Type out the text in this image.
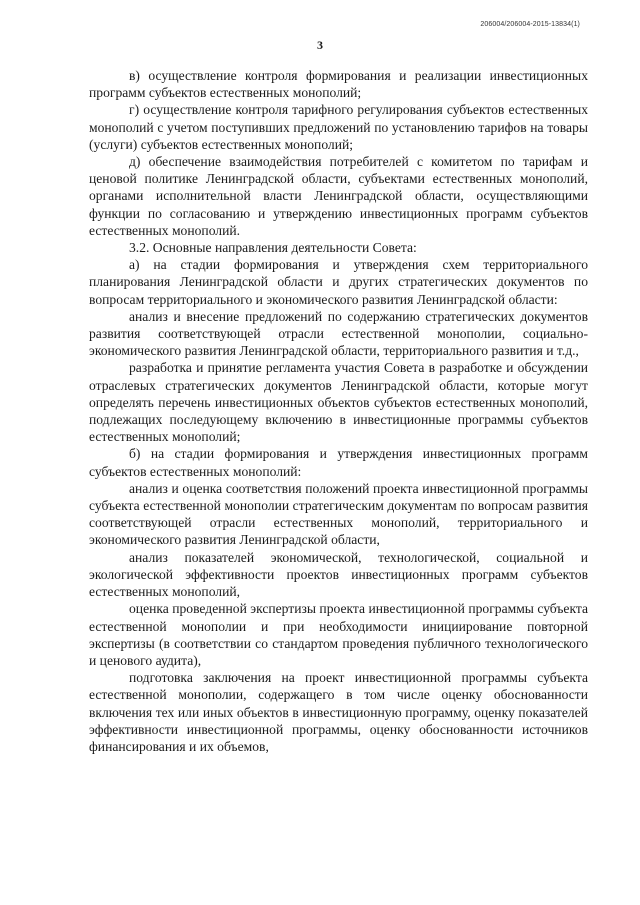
206004/206004-2015-13834(1)
3

в) осуществление контроля формирования и реализации инвестиционных программ субъектов естественных монополий;

г) осуществление контроля тарифного регулирования субъектов естественных монополий с учетом поступивших предложений по установлению тарифов на товары (услуги) субъектов естественных монополий;

д) обеспечение взаимодействия потребителей с комитетом по тарифам и ценовой политике Ленинградской области, субъектами естественных монополий, органами исполнительной власти Ленинградской области, осуществляющими функции по согласованию и утверждению инвестиционных программ субъектов естественных монополий.

3.2. Основные направления деятельности Совета:

а) на стадии формирования и утверждения схем территориального планирования Ленинградской области и других стратегических документов по вопросам территориального и экономического развития Ленинградской области:

анализ и внесение предложений по содержанию стратегических документов развития соответствующей отрасли естественной монополии, социально-экономического развития Ленинградской области, территориального развития и т.д.,

разработка и принятие регламента участия Совета в разработке и обсуждении отраслевых стратегических документов Ленинградской области, которые могут определять перечень инвестиционных объектов субъектов естественных монополий, подлежащих последующему включению в инвестиционные программы субъектов естественных монополий;

б) на стадии формирования и утверждения инвестиционных программ субъектов естественных монополий:

анализ и оценка соответствия положений проекта инвестиционной программы субъекта естественной монополии стратегическим документам по вопросам развития соответствующей отрасли естественных монополий, территориального и экономического развития Ленинградской области,

анализ показателей экономической, технологической, социальной и экологической эффективности проектов инвестиционных программ субъектов естественных монополий,

оценка проведенной экспертизы проекта инвестиционной программы субъекта естественной монополии и при необходимости инициирование повторной экспертизы (в соответствии со стандартом проведения публичного технологического и ценового аудита),

подготовка заключения на проект инвестиционной программы субъекта естественной монополии, содержащего в том числе оценку обоснованности включения тех или иных объектов в инвестиционную программу, оценку показателей эффективности инвестиционной программы, оценку обоснованности источников финансирования и их объемов,
